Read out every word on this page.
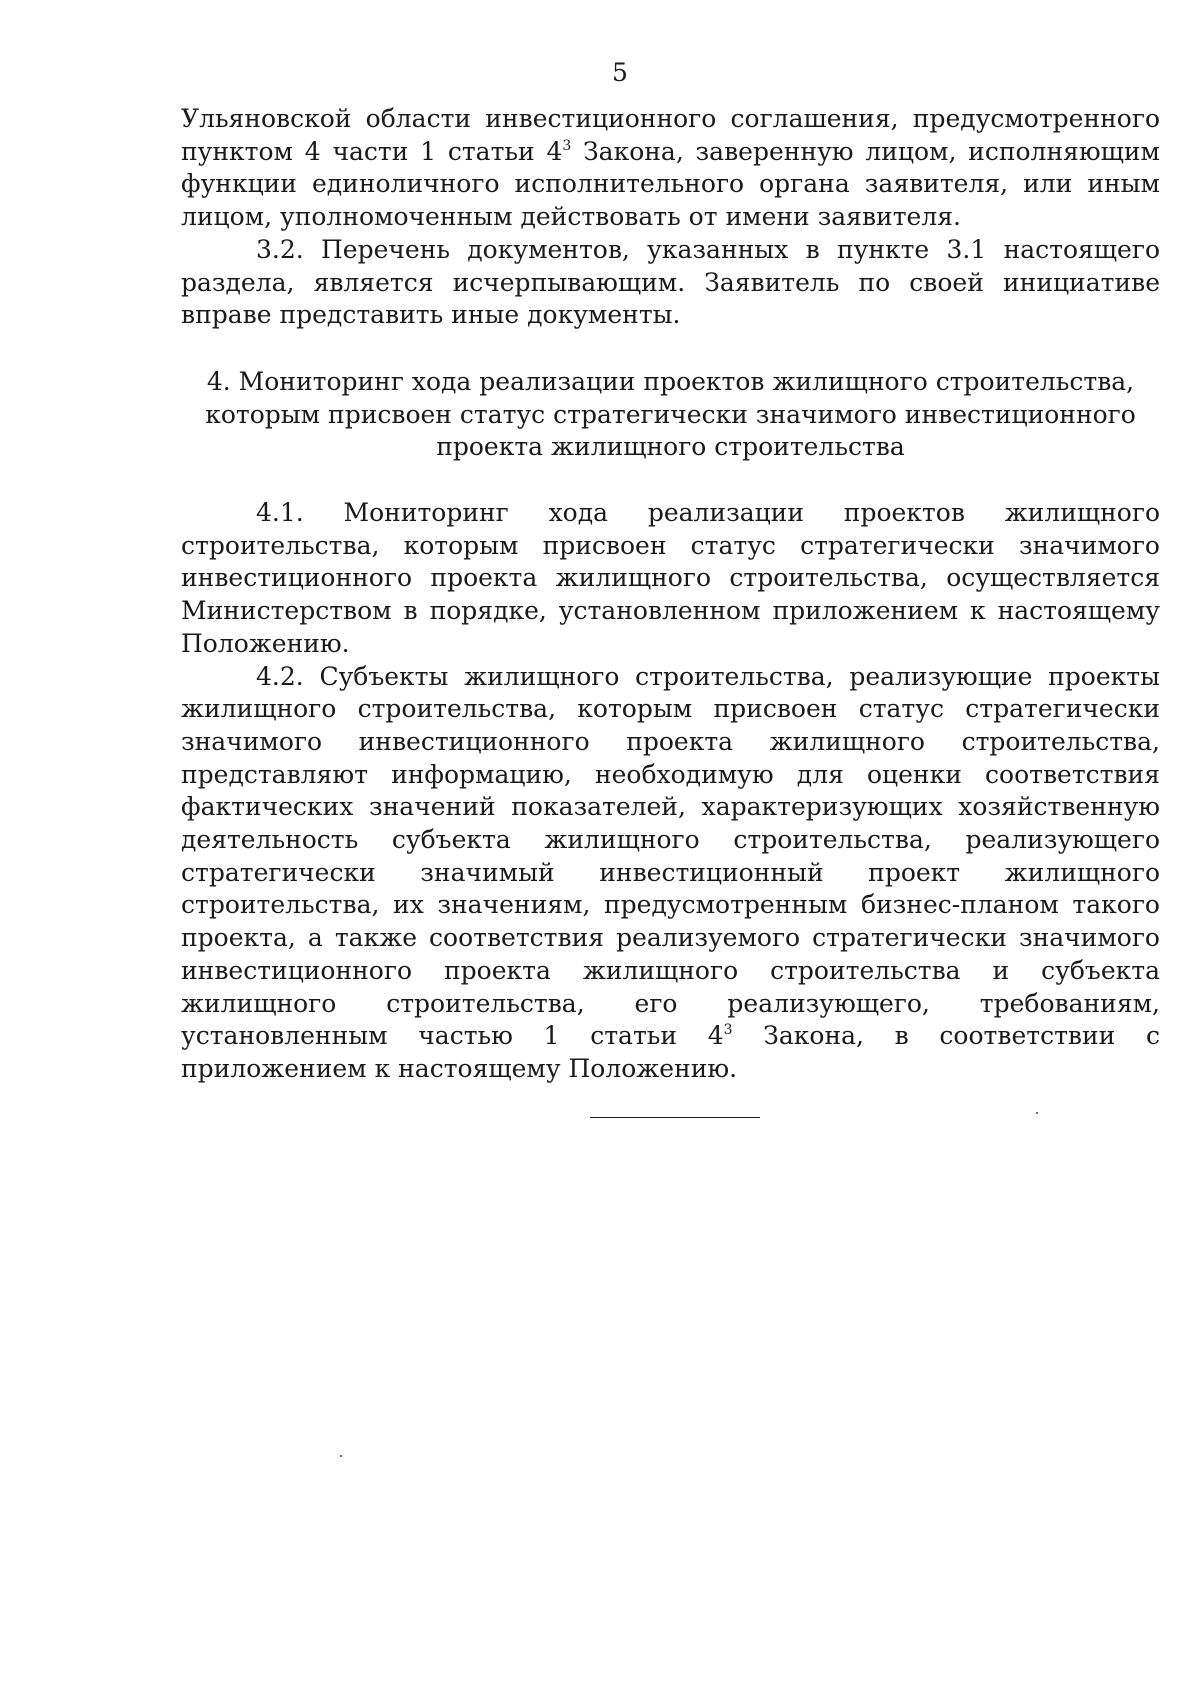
5

Ульяновской области инвестиционного соглашения, предусмотренного пунктом 4 части 1 статьи $4^3$ Закона, заверенную лицом, исполняющим функции единоличного исполнительного органа заявителя, или иным лицом, уполномоченным действовать от имени заявителя.

3.2. Перечень документов, указанных в пункте 3.1 настоящего раздела, является исчерпывающим. Заявитель по своей инициативе вправе представить иные документы.

4. Мониторинг хода реализации проектов жилищного строительства,
которым присвоен статус стратегически значимого инвестиционного
проекта жилищного строительства

4.1. Мониторинг хода реализации проектов жилищного строительства, которым присвоен статус стратегически значимого инвестиционного проекта жилищного строительства, осуществляется Министерством в порядке, установленном приложением к настоящему Положению.

4.2. Субъекты жилищного строительства, реализующие проекты жилищного строительства, которым присвоен статус стратегически значимого инвестиционного проекта жилищного строительства, представляют информацию, необходимую для оценки соответствия фактических значений показателей, характеризующих хозяйственную деятельность субъекта жилищного строительства, реализующего стратегически значимый инвестиционный проект жилищного строительства, их значениям, предусмотренным бизнес-планом такого проекта, а также соответствия реализуемого стратегически значимого инвестиционного проекта жилищного строительства и субъекта жилищного строительства, его реализующего, требованиям, установленным частью 1 статьи $4^3$ Закона, в соответствии с приложением к настоящему Положению.
